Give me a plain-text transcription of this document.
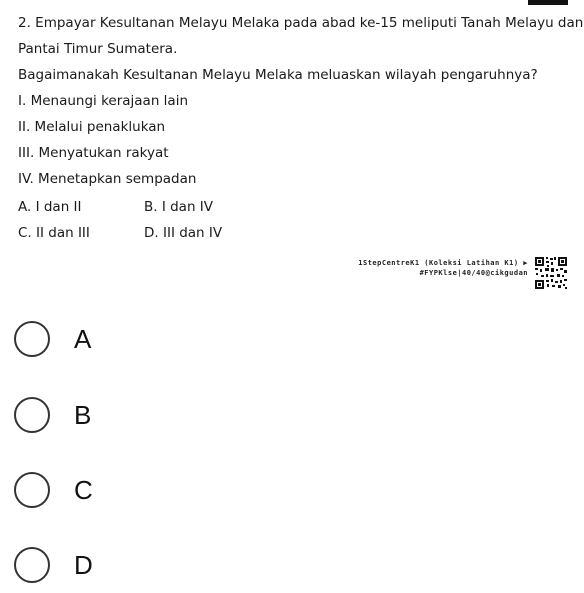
2. Empayar Kesultanan Melayu Melaka pada abad ke-15 meliputi Tanah Melayu dan
Pantai Timur Sumatera.
Bagaimanakah Kesultanan Melayu Melaka meluaskan wilayah pengaruhnya?
I. Menaungi kerajaan lain
II. Melalui penaklukan
III. Menyatukan rakyat
IV. Menetapkan sempadan
A. I dan II	B. I dan IV
C. II dan III	D. III dan IV
1StepCentreK1 (Koleksi Latihan K1) ▶
#FYPKlse|40/40@cikgudan
A
B
C
D
